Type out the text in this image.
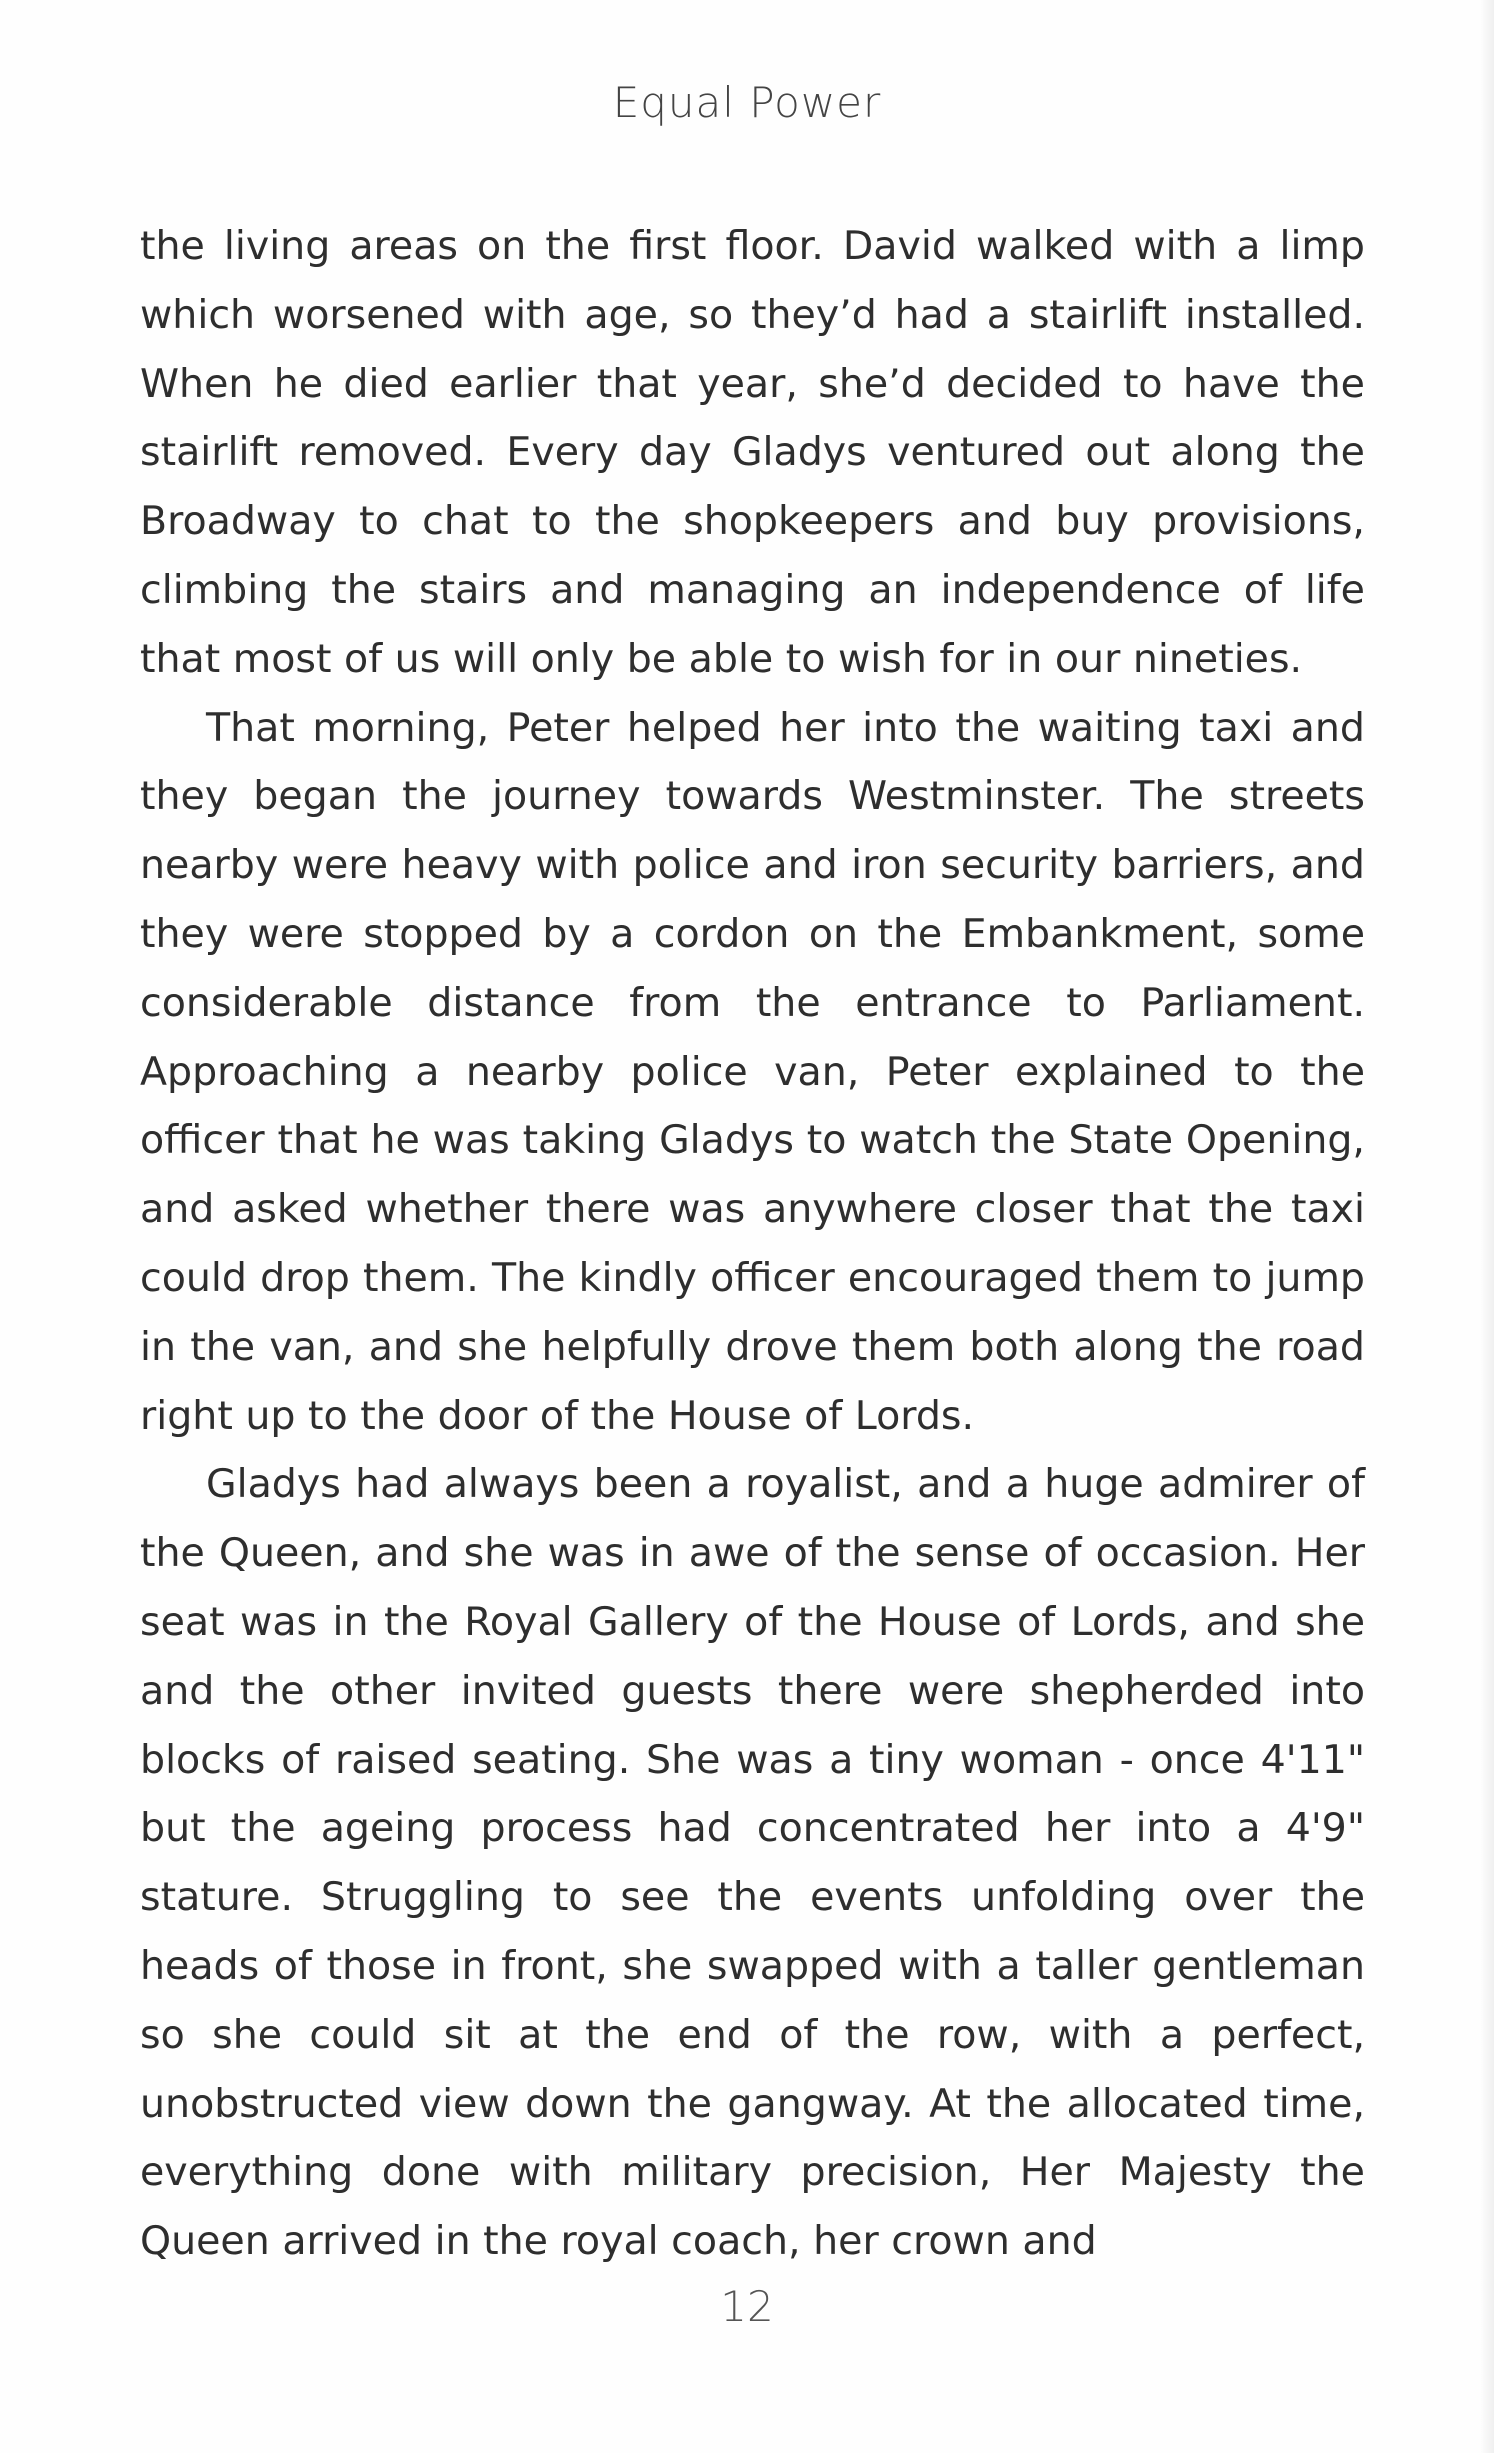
Equal Power

the living areas on the first floor. David walked with a limp which worsened with age, so they’d had a stairlift installed. When he died earlier that year, she’d decided to have the stairlift removed. Every day Gladys ventured out along the Broadway to chat to the shopkeepers and buy provisions, climbing the stairs and managing an independence of life that most of us will only be able to wish for in our nineties.

That morning, Peter helped her into the waiting taxi and they began the journey towards Westminster. The streets nearby were heavy with police and iron security barriers, and they were stopped by a cordon on the Embankment, some considerable distance from the entrance to Parliament. Approaching a nearby police van, Peter explained to the officer that he was taking Gladys to watch the State Opening, and asked whether there was anywhere closer that the taxi could drop them. The kindly officer encouraged them to jump in the van, and she helpfully drove them both along the road right up to the door of the House of Lords.

Gladys had always been a royalist, and a huge admirer of the Queen, and she was in awe of the sense of occasion. Her seat was in the Royal Gallery of the House of Lords, and she and the other invited guests there were shepherded into blocks of raised seating. She was a tiny woman - once 4'11" but the ageing process had concentrated her into a 4'9" stature. Struggling to see the events unfolding over the heads of those in front, she swapped with a taller gentleman so she could sit at the end of the row, with a perfect, unobstructed view down the gangway. At the allocated time, everything done with military precision, Her Majesty the Queen arrived in the royal coach, her crown and

12
